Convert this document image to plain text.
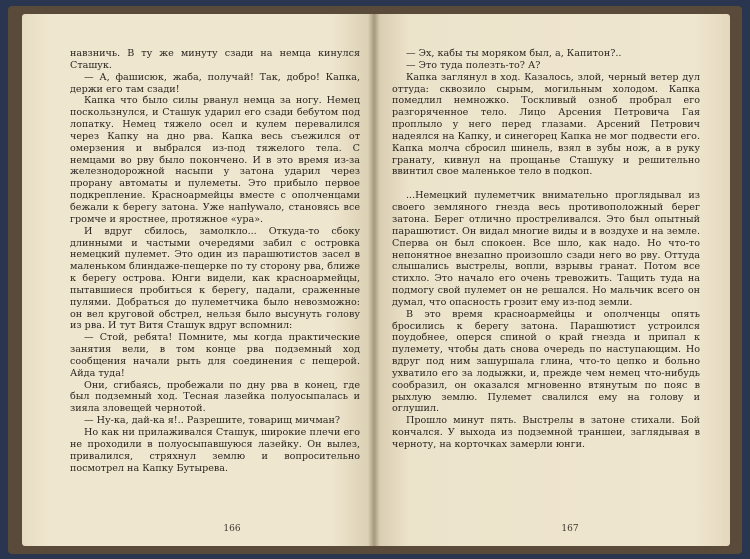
навзничь. В ту же минуту сзади на немца кинулся Сташук.

— А, фашисюк, жаба, получай! Так, добро! Капка, держи его там сзади!

Капка что было силы рванул немца за ногу. Немец поскользнулся, и Сташук ударил его сзади бебутом под лопатку. Немец тяжело осел и кулем перевалился через Капку на дно рва. Капка весь съежился от омерзения и выбрался из-под тяжелого тела. С немцами во рву было покончено. И в это время из-за железнодорожной насыпи у затона ударил через прорану автоматы и пулеметы. Это прибыло первое подкрепление. Красноармейцы вместе с ополченцами бежали к берегу затона. Уже напływало, становясь все громче и яростнее, протяжное «ура».

И вдруг сбилось, замолкло... Откуда-то сбоку длинными и частыми очередями забил с островка немецкий пулемет. Это один из парашютистов засел в маленьком блиндаже-пещерке по ту сторону рва, ближе к берегу острова. Юнги видели, как красноармейцы, пытавшиеся пробиться к берегу, падали, сраженные пулями. Добраться до пулеметчика было невозможно: он вел круговой обстрел, нельзя было высунуть голову из рва. И тут Витя Сташук вдруг вспомнил:

— Стой, ребята! Помните, мы когда практические занятия вели, в том конце рва подземный ход сообщения начали рыть для соединения с пещерой. Айда туда!

Они, сгибаясь, пробежали по дну рва в конец, где был подземный ход. Тесная лазейка полуосыпалась и зияла зловещей чернотой.

— Ну-ка, дай-ка я!.. Разрешите, товарищ мичман?

Но как ни прилаживался Сташук, широкие плечи его не проходили в полуосыпавшуюся лазейку. Он вылез, привалился, стряхнул землю и вопросительно посмотрел на Капку Бутырева.

166

— Эх, кабы ты моряком был, а, Капитон?..

— Это туда полезть-то? А?

Капка заглянул в ход. Казалось, злой, черный ветер дул оттуда: сквозило сырым, могильным холодом. Капка помедлил немножко. Тоскливый озноб пробрал его разгоряченное тело. Лицо Арсения Петровича Гая проплыло у него перед глазами. Арсений Петрович надеялся на Капку, и синегорец Капка не мог подвести его. Капка молча сбросил шинель, взял в зубы нож, а в руку гранату, кивнул на прощанье Сташуку и решительно ввинтил свое маленькое тело в подкоп.

...Немецкий пулеметчик внимательно проглядывал из своего земляного гнезда весь противоположный берег затона. Берег отлично простреливался. Это был опытный парашютист. Он видал многие виды и в воздухе и на земле. Сперва он был спокоен. Все шло, как надо. Но что-то непонятное внезапно произошло сзади него во рву. Оттуда слышались выстрелы, вопли, взрывы гранат. Потом все стихло. Это начало его очень тревожить. Тащить туда на подмогу свой пулемет он не решался. Но мальчик всего он думал, что опасность грозит ему из-под земли.

В это время красноармейцы и ополченцы опять бросились к берегу затона. Парашютист устроился поудобнее, оперся спиной о край гнезда и припал к пулемету, чтобы дать снова очередь по наступающим. Но вдруг под ним зашуршала глина, что-то цепко и больно ухватило его за лодыжки, и, прежде чем немец что-нибудь сообразил, он оказался мгновенно втянутым по пояс в рыхлую землю. Пулемет свалился ему на голову и оглушил.

Прошло минут пять. Выстрелы в затоне стихали. Бой кончался. У выхода из подземной траншеи, заглядывая в черноту, на корточках замерли юнги.

167
